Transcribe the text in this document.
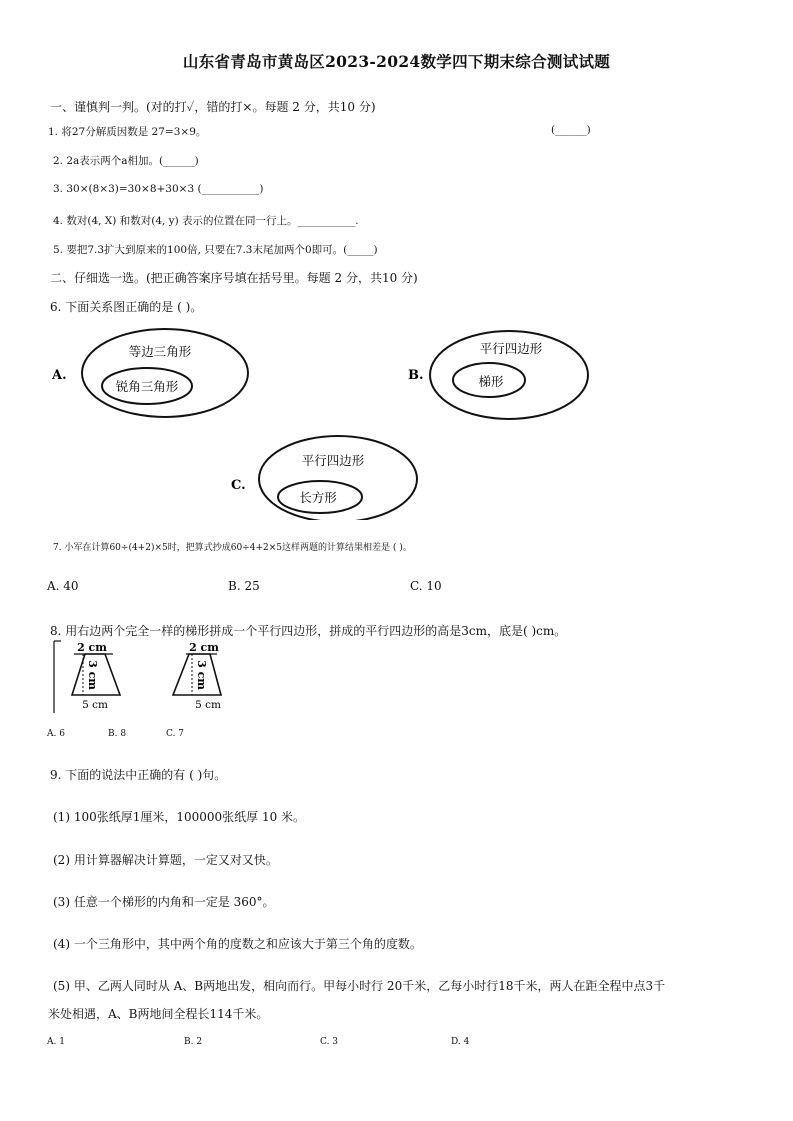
山东省青岛市黄岛区2023-2024数学四下期末综合测试试题
一、谨慎判一判。(对的打✓，错的打×。每题 2 分，共10 分)
1. 将27分解质因数是 27=3×9。	(______)
2. 2a表示两个a相加。(______)
3. 30×(8×3)=30×8+30×3 (___________)
4. 数对(4, X) 和数对(4, y) 表示的位置在同一行上。___________.
5. 要把7.3扩大到原来的100倍, 只要在7.3末尾加两个0即可。(_____)
二、仔细选一选。(把正确答案序号填在括号里。每题 2 分，共10 分)
6. 下面关系图正确的是 ( )。
A.
等边三角形
锐角三角形
B.
平行四边形
梯形
C.
平行四边形
长方形
7. 小军在计算60÷(4+2)×5时，把算式抄成60÷4+2×5这样两题的计算结果相差是 ( )。
A. 40	B. 25	C. 10
8. 用右边两个完全一样的梯形拼成一个平行四边形，拼成的平行四边形的高是3cm，底是( )cm。
2 cm
3 cm
5 cm
2 cm
3 cm
5 cm
A. 6	B. 8	C. 7
9. 下面的说法中正确的有 ( )句。
(1) 100张纸厚1厘米，100000张纸厚 10 米。
(2) 用计算器解决计算题，一定又对又快。
(3) 任意一个梯形的内角和一定是 360°。
(4) 一个三角形中，其中两个角的度数之和应该大于第三个角的度数。
(5) 甲、乙两人同时从 A、B两地出发，相向而行。甲每小时行 20千米，乙每小时行18千米，两人在距全程中点3千
米处相遇，A、B两地间全程长114千米。
A. 1	B. 2	C. 3	D. 4
